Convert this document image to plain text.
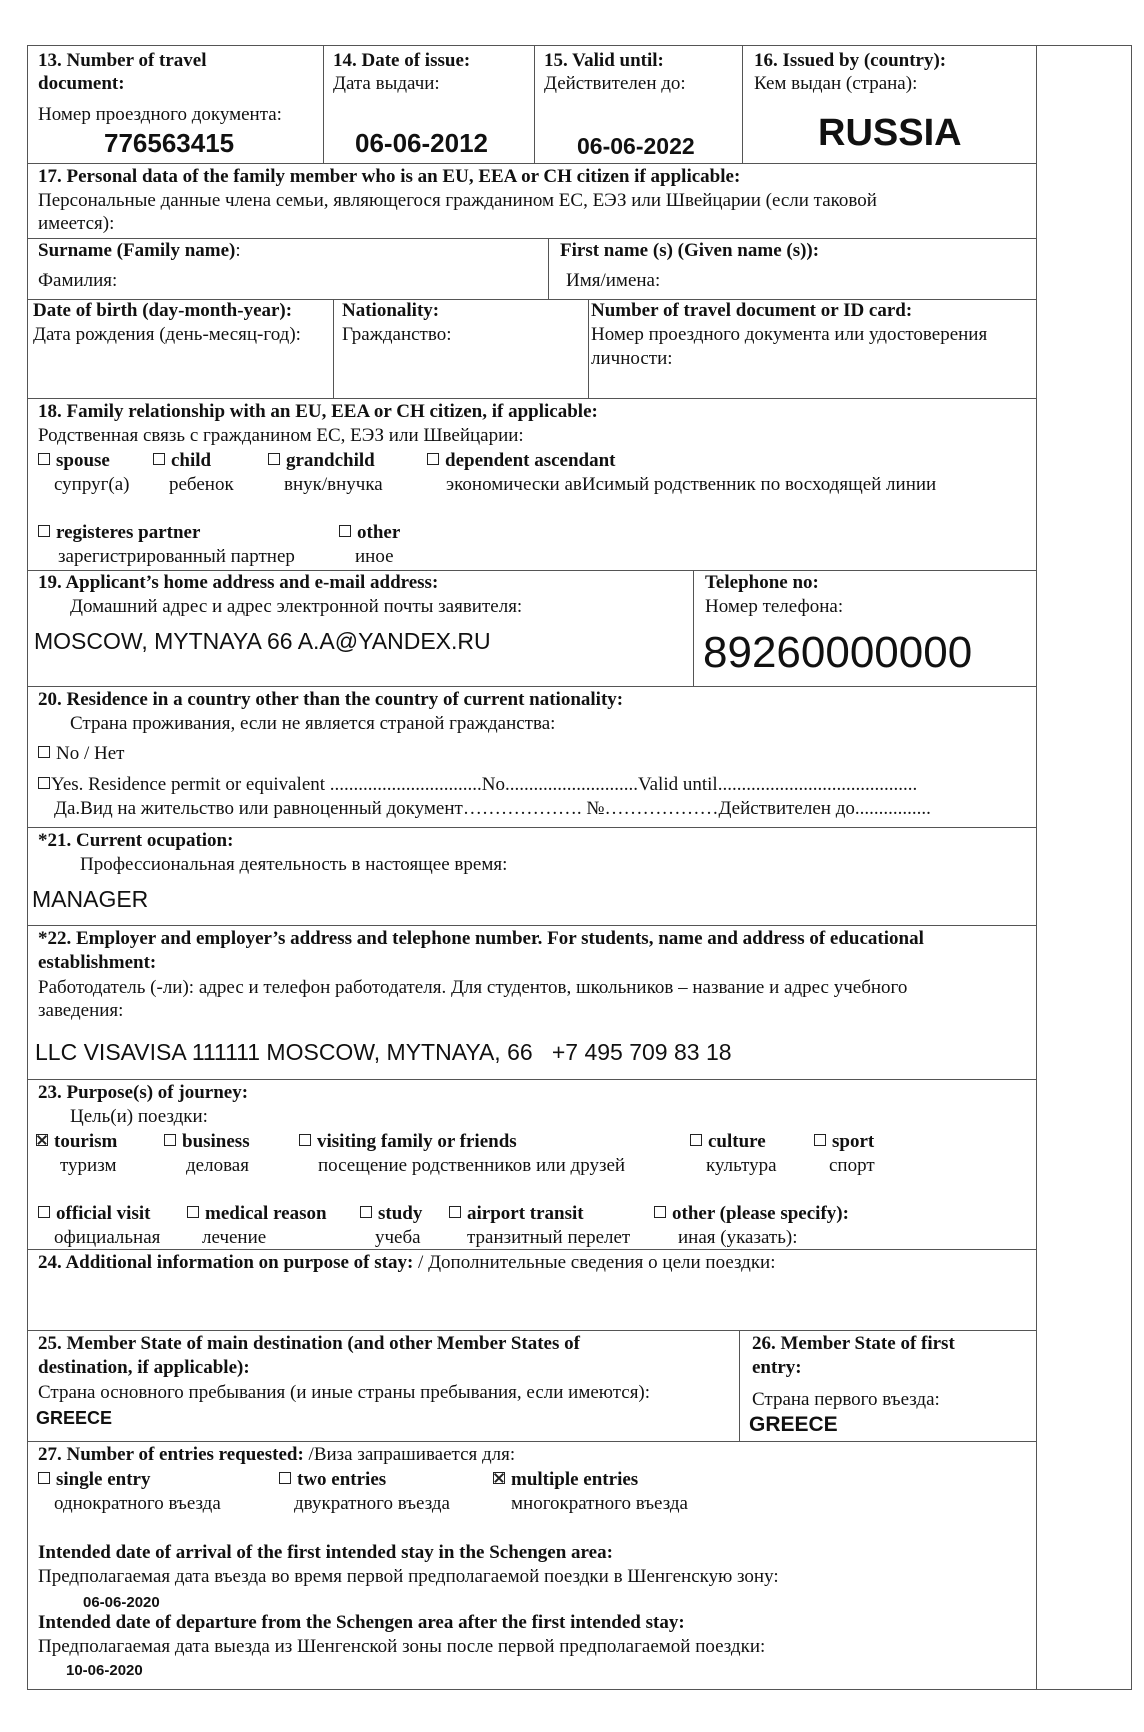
13. Number of travel
document:
Номер проездного документа:
776563415
14. Date of issue:
Дата выдачи:
06-06-2012
15. Valid until:
Действителен до:
06-06-2022
16. Issued by (country):
Кем выдан (страна):
RUSSIA
17. Personal data of the family member who is an EU, EEA or CH citizen if applicable:
Персональные данные члена семьи, являющегося гражданином ЕС, ЕЭЗ или Швейцарии (если таковой
имеется):
Surname (Family name):
Фамилия:
First name (s) (Given name (s)):
Имя/имена:
Date of birth (day-month-year):
Дата рождения (день-месяц-год):
Nationality:
Гражданство:
Number of travel document or ID card:
Номер проездного документа или удостоверения
личности:
18. Family relationship with an EU, EEA or CH citizen, if applicable:
Родственная связь с гражданином ЕС, ЕЭЗ или Швейцарии:
spouse
супруг(а)
child
ребенок
grandchild
внук/внучка
dependent ascendant
экономически авИсимый родственник по восходящей линии
registeres partner
зарегистрированный партнер
other
иное
19. Applicant’s home address and e-mail address:
Домашний адрес и адрес электронной почты заявителя:
MOSCOW, MYTNAYA 66 A.A@YANDEX.RU
Telephone no:
Номер телефона:
89260000000
20. Residence in a country other than the country of current nationality:
Страна проживания, если не является страной гражданства:
No / Нет
Yes. Residence permit or equivalent ................................No............................Valid until..........................................
Да.Вид на жительство или равноценный документ………………. №………………Действителен до................
*21. Current ocupation:
Профессиональная деятельность в настоящее время:
MANAGER
*22. Employer and employer’s address and telephone number. For students, name and address of educational
establishment:
Работодатель (-ли): адрес и телефон работодателя. Для студентов, школьников – название и адрес учебного
заведения:
LLC VISAVISA 111111 MOSCOW, MYTNAYA, 66   +7 495 709 83 18
23. Purpose(s) of journey:
Цель(и) поездки:
tourism
туризм
business
деловая
visiting family or friends
посещение родственников или друзей
culture
культура
sport
спорт
official visit
официальная
medical reason
лечение
study
учеба
airport transit
транзитный перелет
other (please specify):
иная (указать):
24. Additional information on purpose of stay: / Дополнительные сведения о цели поездки:
25. Member State of main destination (and other Member States of
destination, if applicable):
Страна основного пребывания (и иные страны пребывания, если имеются):
GREECE
26. Member State of first
entry:
Страна первого въезда:
GREECE
27. Number of entries requested: /Виза запрашивается для:
single entry
однократного въезда
two entries
двукратного въезда
multiple entries
многократного въезда
Intended date of arrival of the first intended stay in the Schengen area:
Предполагаемая дата въезда во время первой предполагаемой поездки в Шенгенскую зону:
06-06-2020
Intended date of departure from the Schengen area after the first intended stay:
Предполагаемая дата выезда из Шенгенской зоны после первой предполагаемой поездки:
10-06-2020
